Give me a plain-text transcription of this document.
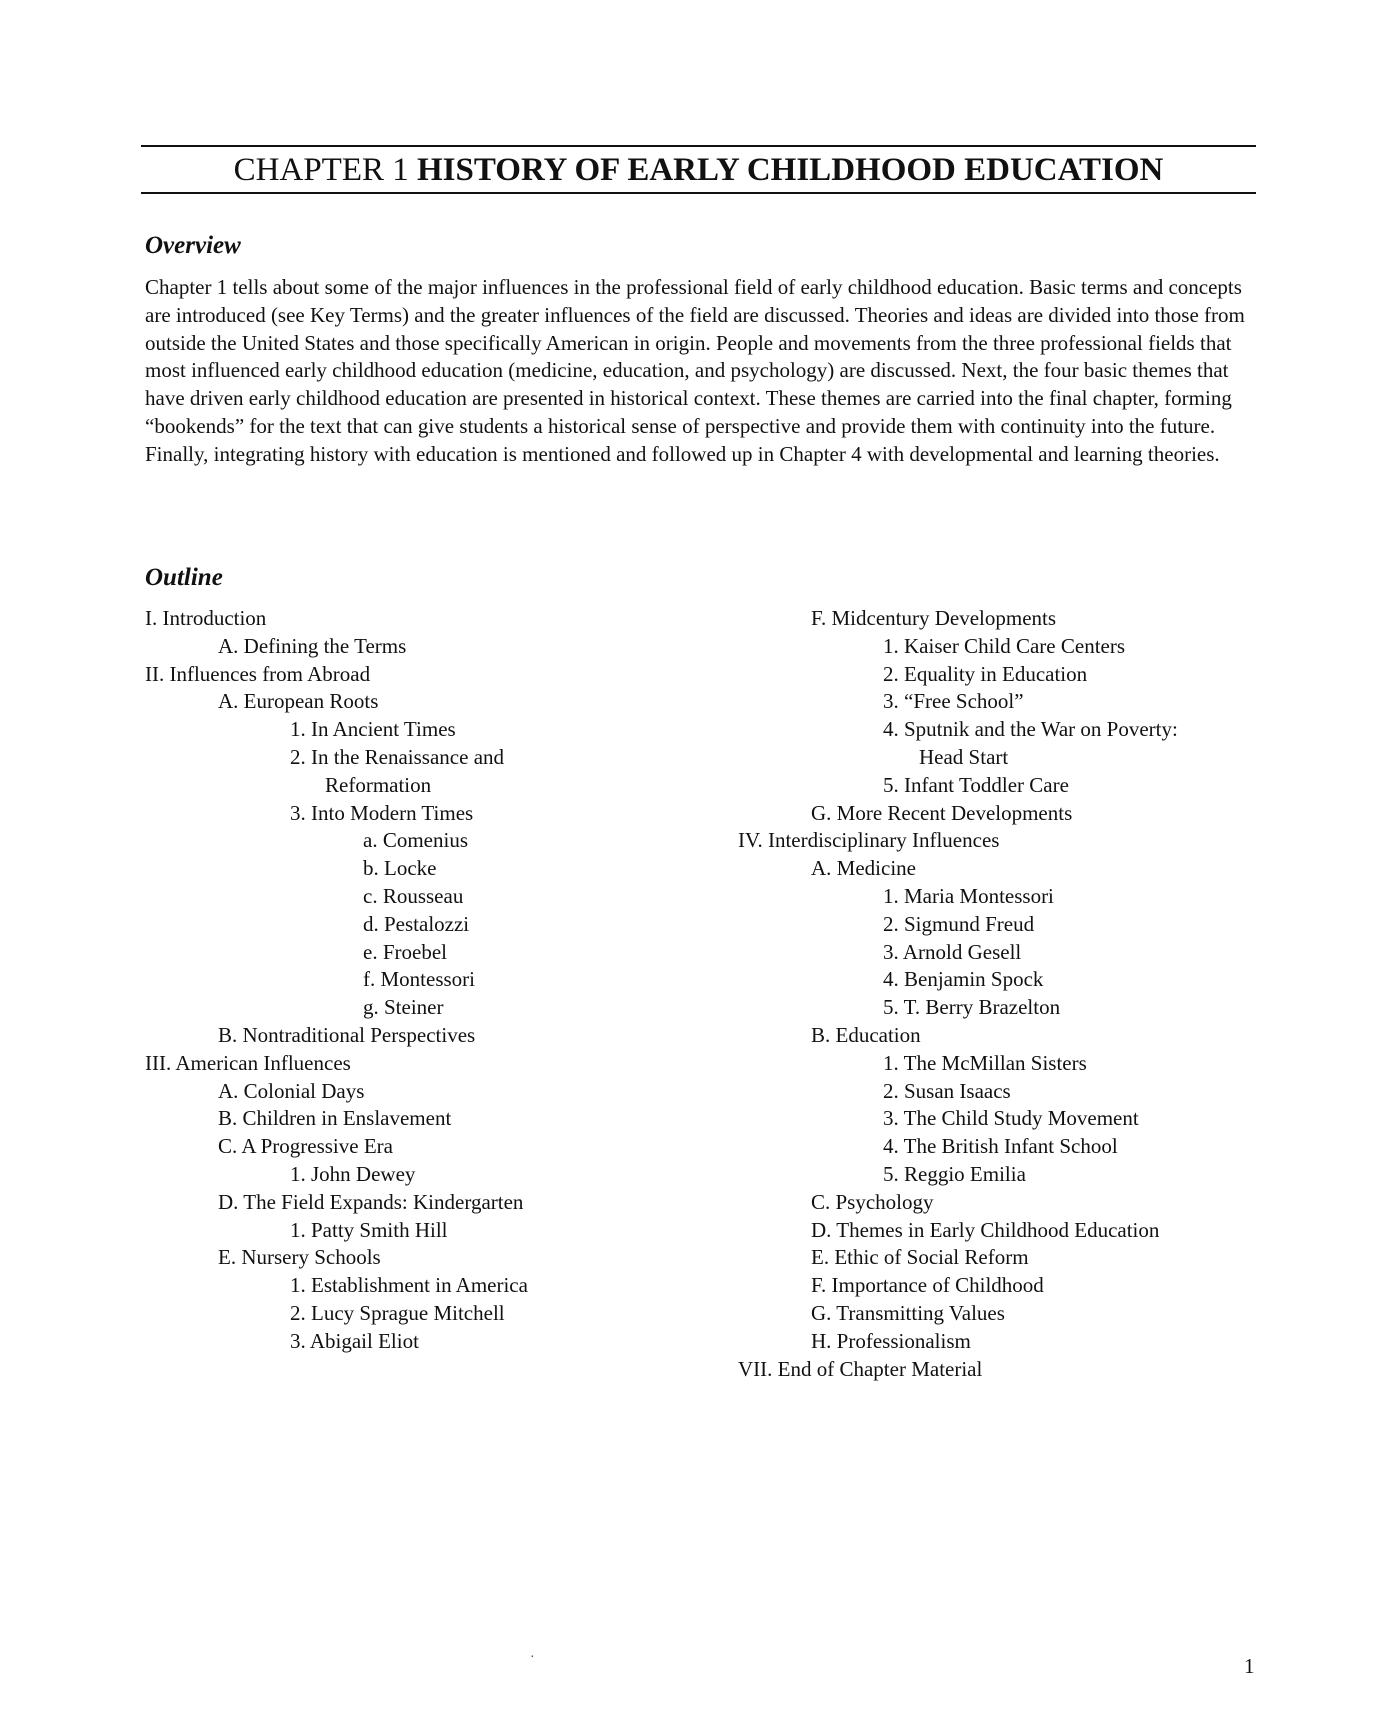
CHAPTER 1 HISTORY OF EARLY CHILDHOOD EDUCATION
Overview
Chapter 1 tells about some of the major influences in the professional field of early childhood education. Basic terms and concepts are introduced (see Key Terms) and the greater influences of the field are discussed. Theories and ideas are divided into those from outside the United States and those specifically American in origin. People and movements from the three professional fields that most influenced early childhood education (medicine, education, and psychology) are discussed. Next, the four basic themes that have driven early childhood education are presented in historical context. These themes are carried into the final chapter, forming “bookends” for the text that can give students a historical sense of perspective and provide them with continuity into the future. Finally, integrating history with education is mentioned and followed up in Chapter 4 with developmental and learning theories.
Outline
I. Introduction
A. Defining the Terms
II. Influences from Abroad
A. European Roots
1. In Ancient Times
2. In the Renaissance and
Reformation
3. Into Modern Times
a. Comenius
b. Locke
c. Rousseau
d. Pestalozzi
e. Froebel
f. Montessori
g. Steiner
B. Nontraditional Perspectives
III. American Influences
A. Colonial Days
B. Children in Enslavement
C. A Progressive Era
1. John Dewey
D. The Field Expands: Kindergarten
1. Patty Smith Hill
E. Nursery Schools
1. Establishment in America
2. Lucy Sprague Mitchell
3. Abigail Eliot
F. Midcentury Developments
1. Kaiser Child Care Centers
2. Equality in Education
3. “Free School”
4. Sputnik and the War on Poverty:
Head Start
5. Infant Toddler Care
G. More Recent Developments
IV. Interdisciplinary Influences
A. Medicine
1. Maria Montessori
2. Sigmund Freud
3. Arnold Gesell
4. Benjamin Spock
5. T. Berry Brazelton
B. Education
1. The McMillan Sisters
2. Susan Isaacs
3. The Child Study Movement
4. The British Infant School
5. Reggio Emilia
C. Psychology
D. Themes in Early Childhood Education
E. Ethic of Social Reform
F. Importance of Childhood
G. Transmitting Values
H. Professionalism
VII. End of Chapter Material
·	1
